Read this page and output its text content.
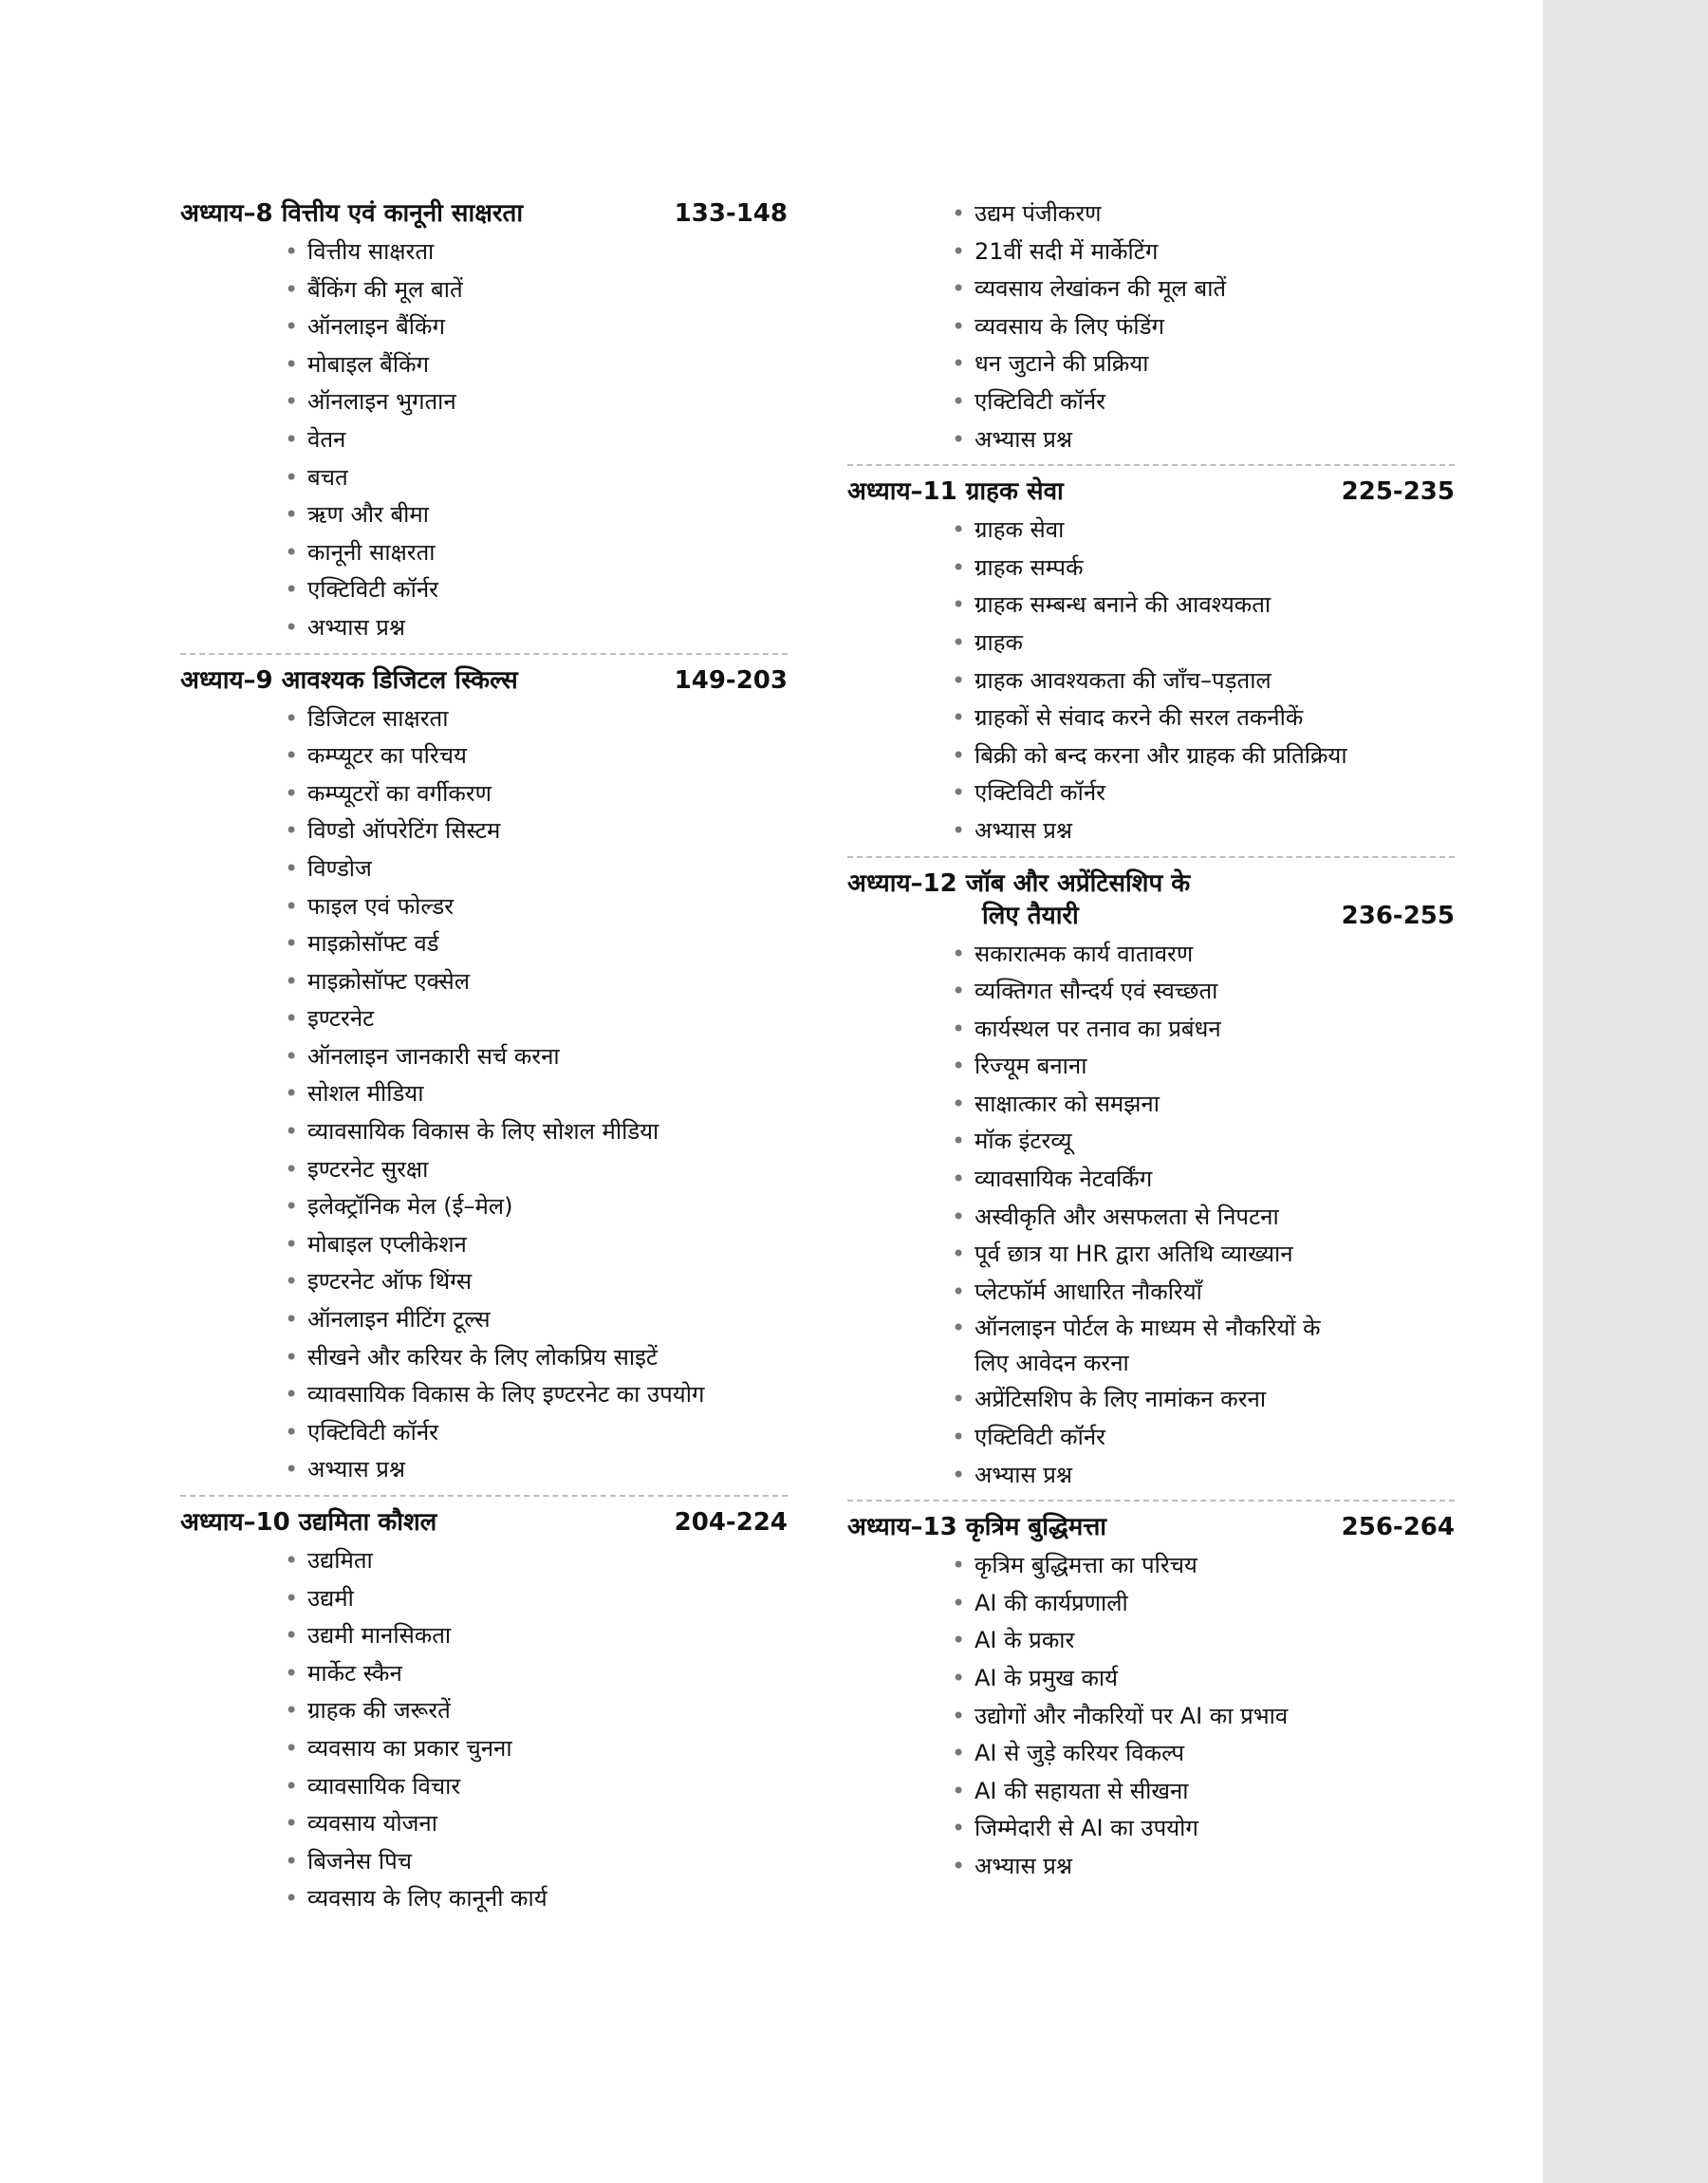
अध्याय–8 वित्तीय एवं कानूनी साक्षरता	133-148
• वित्तीय साक्षरता
• बैंकिंग की मूल बातें
• ऑनलाइन बैंकिंग
• मोबाइल बैंकिंग
• ऑनलाइन भुगतान
• वेतन
• बचत
• ऋण और बीमा
• कानूनी साक्षरता
• एक्टिविटी कॉर्नर
• अभ्यास प्रश्न
अध्याय–9 आवश्यक डिजिटल स्किल्स	149-203
• डिजिटल साक्षरता
• कम्प्यूटर का परिचय
• कम्प्यूटरों का वर्गीकरण
• विण्डो ऑपरेटिंग सिस्टम
• विण्डोज
• फाइल एवं फोल्डर
• माइक्रोसॉफ्ट वर्ड
• माइक्रोसॉफ्ट एक्सेल
• इण्टरनेट
• ऑनलाइन जानकारी सर्च करना
• सोशल मीडिया
• व्यावसायिक विकास के लिए सोशल मीडिया
• इण्टरनेट सुरक्षा
• इलेक्ट्रॉनिक मेल (ई–मेल)
• मोबाइल एप्लीकेशन
• इण्टरनेट ऑफ थिंग्स
• ऑनलाइन मीटिंग टूल्स
• सीखने और करियर के लिए लोकप्रिय साइटें
• व्यावसायिक विकास के लिए इण्टरनेट का उपयोग
• एक्टिविटी कॉर्नर
• अभ्यास प्रश्न
अध्याय–10 उद्यमिता कौशल	204-224
• उद्यमिता
• उद्यमी
• उद्यमी मानसिकता
• मार्केट स्कैन
• ग्राहक की जरूरतें
• व्यवसाय का प्रकार चुनना
• व्यावसायिक विचार
• व्यवसाय योजना
• बिजनेस पिच
• व्यवसाय के लिए कानूनी कार्य
• उद्यम पंजीकरण
• 21वीं सदी में मार्केटिंग
• व्यवसाय लेखांकन की मूल बातें
• व्यवसाय के लिए फंडिंग
• धन जुटाने की प्रक्रिया
• एक्टिविटी कॉर्नर
• अभ्यास प्रश्न
अध्याय–11 ग्राहक सेवा	225-235
• ग्राहक सेवा
• ग्राहक सम्पर्क
• ग्राहक सम्बन्ध बनाने की आवश्यकता
• ग्राहक
• ग्राहक आवश्यकता की जाँच–पड़ताल
• ग्राहकों से संवाद करने की सरल तकनीकें
• बिक्री को बन्द करना और ग्राहक की प्रतिक्रिया
• एक्टिविटी कॉर्नर
• अभ्यास प्रश्न
अध्याय–12 जॉब और अप्रेंटिसशिप के
लिए तैयारी	236-255
• सकारात्मक कार्य वातावरण
• व्यक्तिगत सौन्दर्य एवं स्वच्छता
• कार्यस्थल पर तनाव का प्रबंधन
• रिज्यूम बनाना
• साक्षात्कार को समझना
• मॉक इंटरव्यू
• व्यावसायिक नेटवर्किंग
• अस्वीकृति और असफलता से निपटना
• पूर्व छात्र या HR द्वारा अतिथि व्याख्यान
• प्लेटफॉर्म आधारित नौकरियाँ
• ऑनलाइन पोर्टल के माध्यम से नौकरियों के
लिए आवेदन करना
• अप्रेंटिसशिप के लिए नामांकन करना
• एक्टिविटी कॉर्नर
• अभ्यास प्रश्न
अध्याय–13 कृत्रिम बुद्धिमत्ता	256-264
• कृत्रिम बुद्धिमत्ता का परिचय
• AI की कार्यप्रणाली
• AI के प्रकार
• AI के प्रमुख कार्य
• उद्योगों और नौकरियों पर AI का प्रभाव
• AI से जुड़े करियर विकल्प
• AI की सहायता से सीखना
• जिम्मेदारी से AI का उपयोग
• अभ्यास प्रश्न
